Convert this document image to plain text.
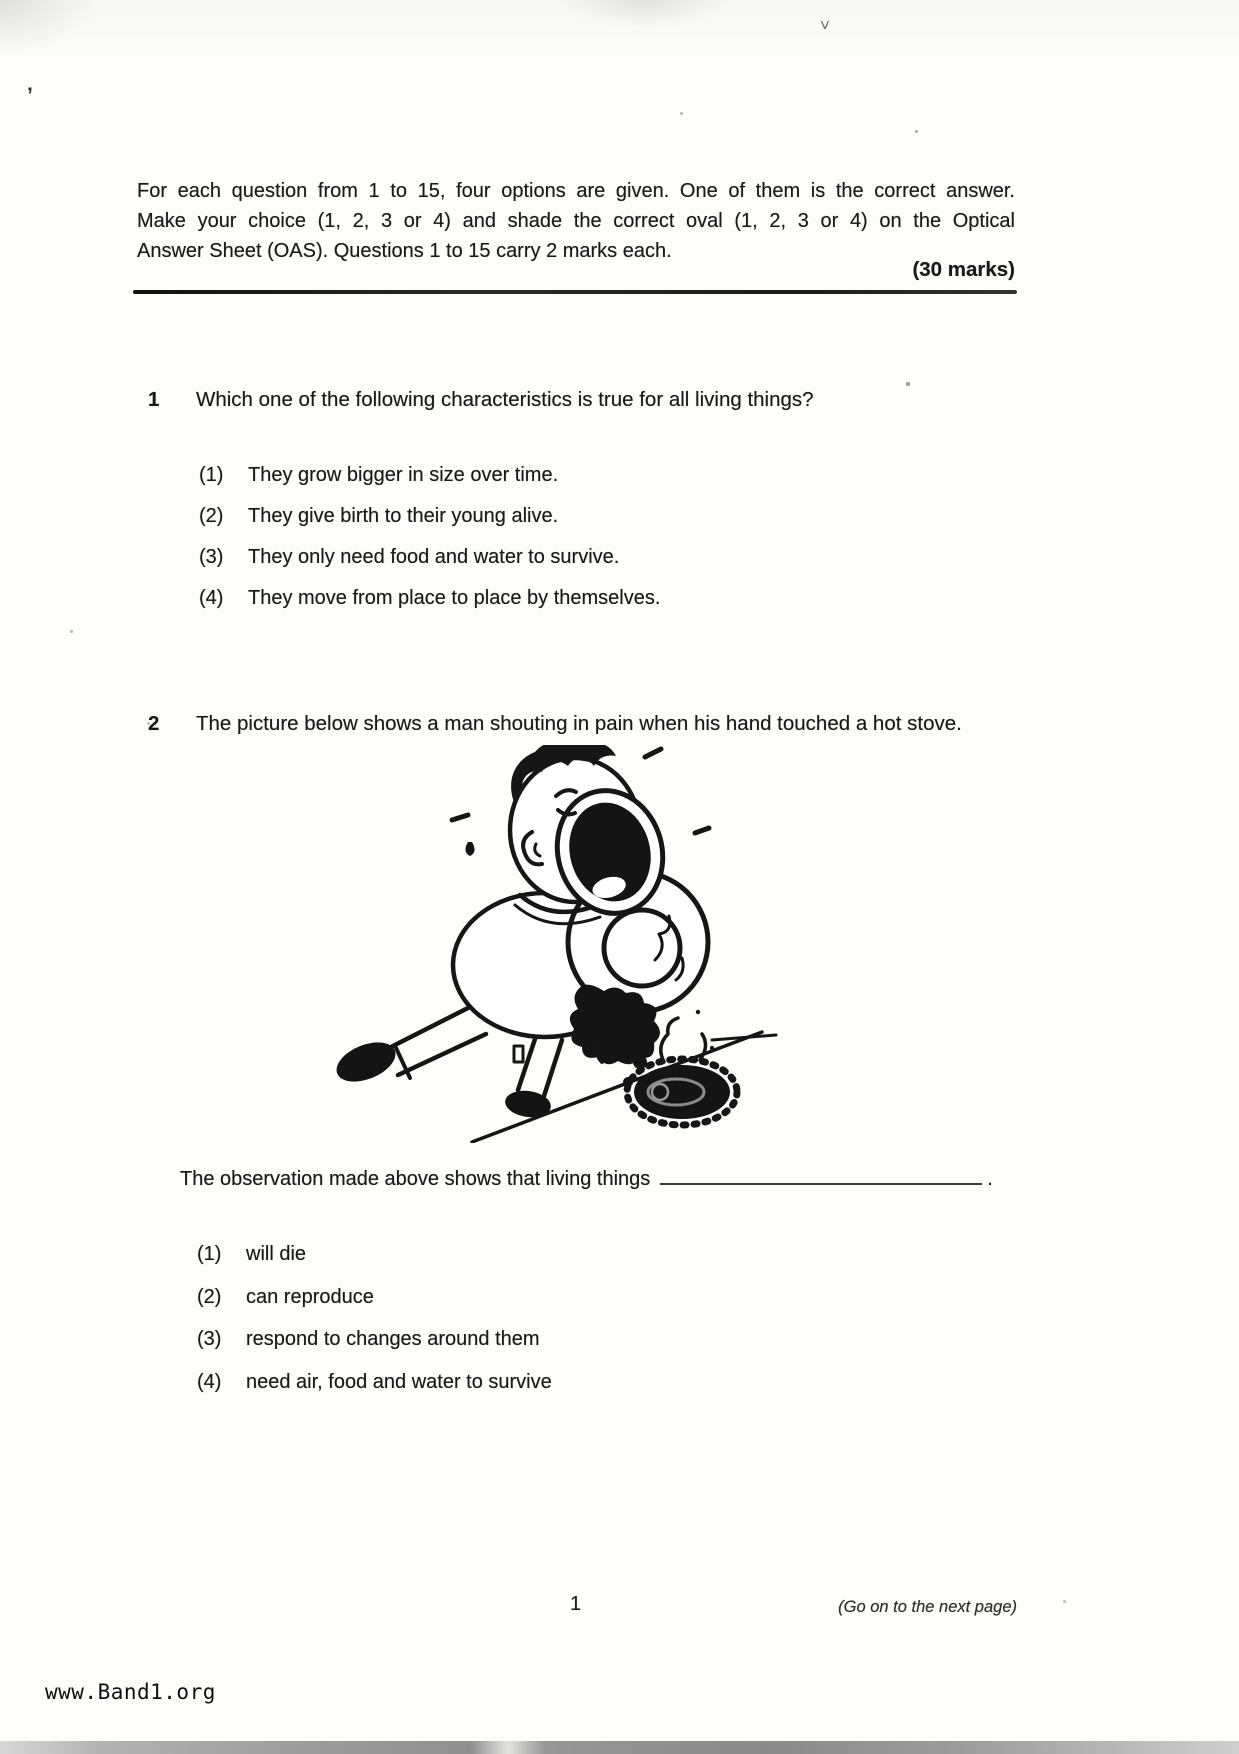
For each question from 1 to 15, four options are given. One of them is the correct answer.
Make your choice (1, 2, 3 or 4) and shade the correct oval (1, 2, 3 or 4) on the Optical
Answer Sheet (OAS). Questions 1 to 15 carry 2 marks each.
(30 marks)
1 Which one of the following characteristics is true for all living things?
(1) They grow bigger in size over time.
(2) They give birth to their young alive.
(3) They only need food and water to survive.
(4) They move from place to place by themselves.
2 The picture below shows a man shouting in pain when his hand touched a hot stove.
The observation made above shows that living things	.
(1) will die
(2) can reproduce
(3) respond to changes around them
(4) need air, food and water to survive
1	(Go on to the next page)
www.Band1.org
˅
’
